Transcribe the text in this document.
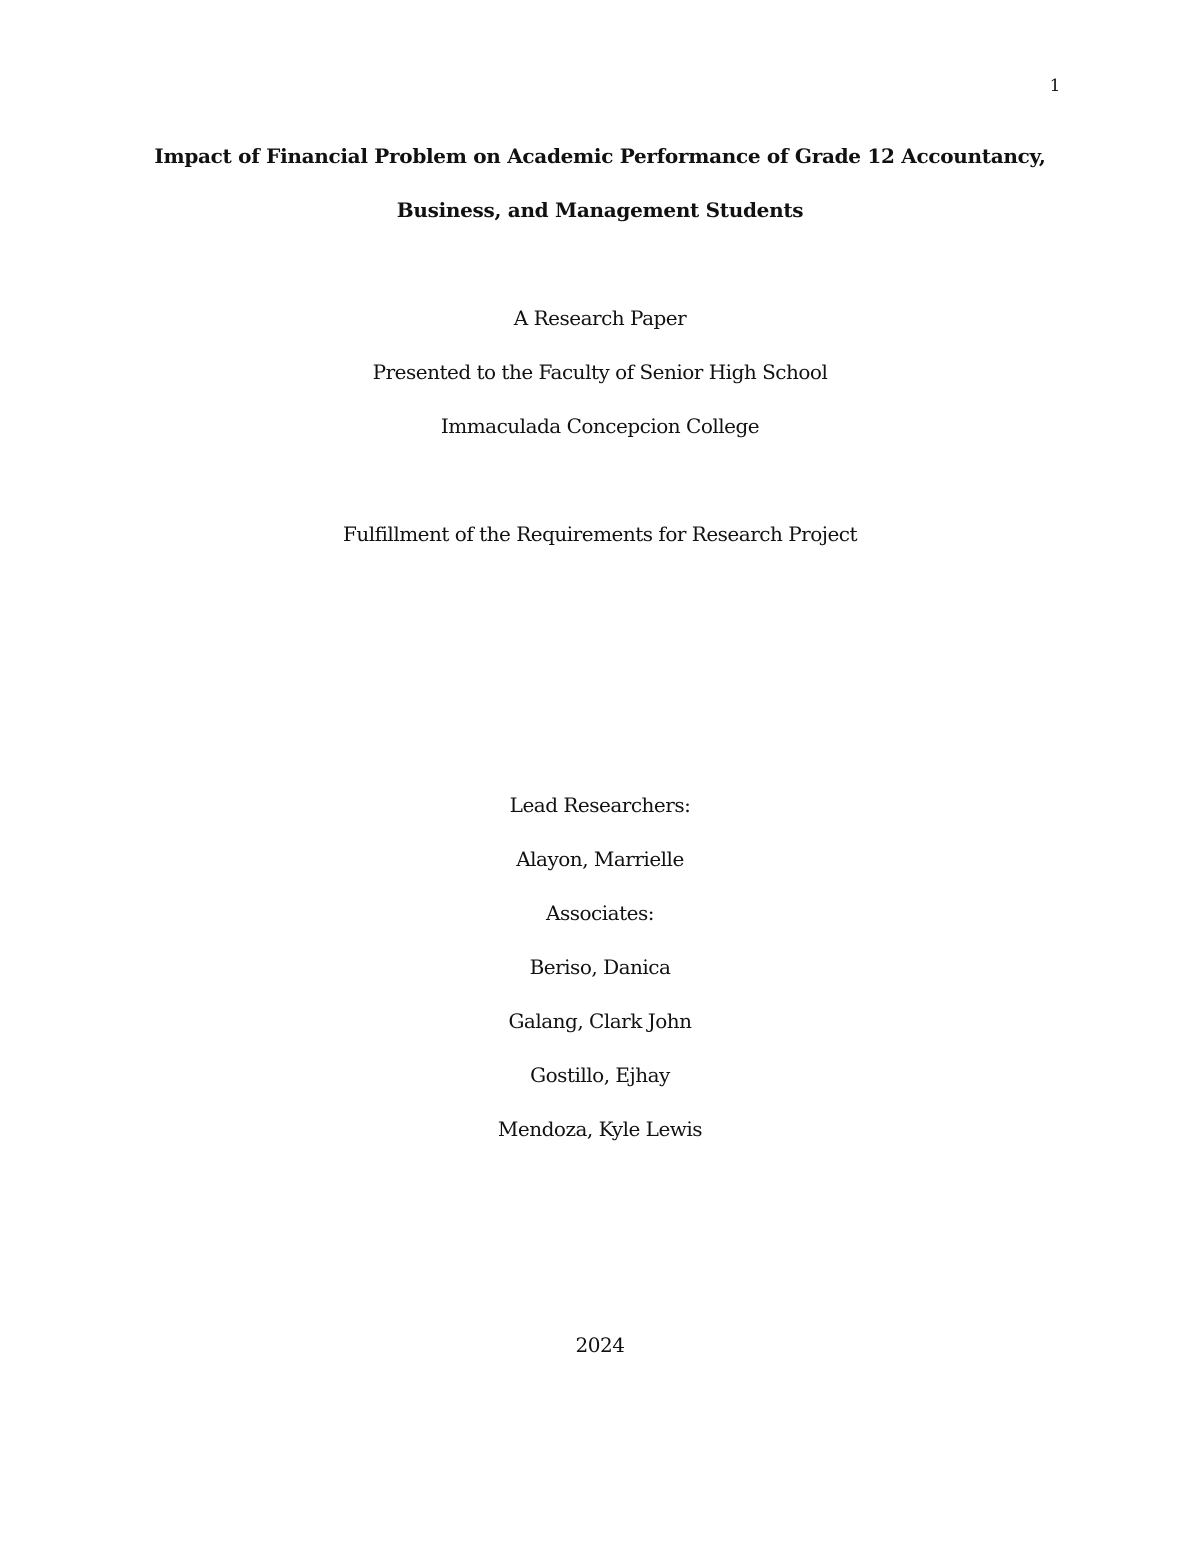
1
Impact of Financial Problem on Academic Performance of Grade 12 Accountancy,
Business, and Management Students
A Research Paper
Presented to the Faculty of Senior High School
Immaculada Concepcion College
Fulfillment of the Requirements for Research Project
Lead Researchers:
Alayon, Marrielle
Associates:
Beriso, Danica
Galang, Clark John
Gostillo, Ejhay
Mendoza, Kyle Lewis
2024
